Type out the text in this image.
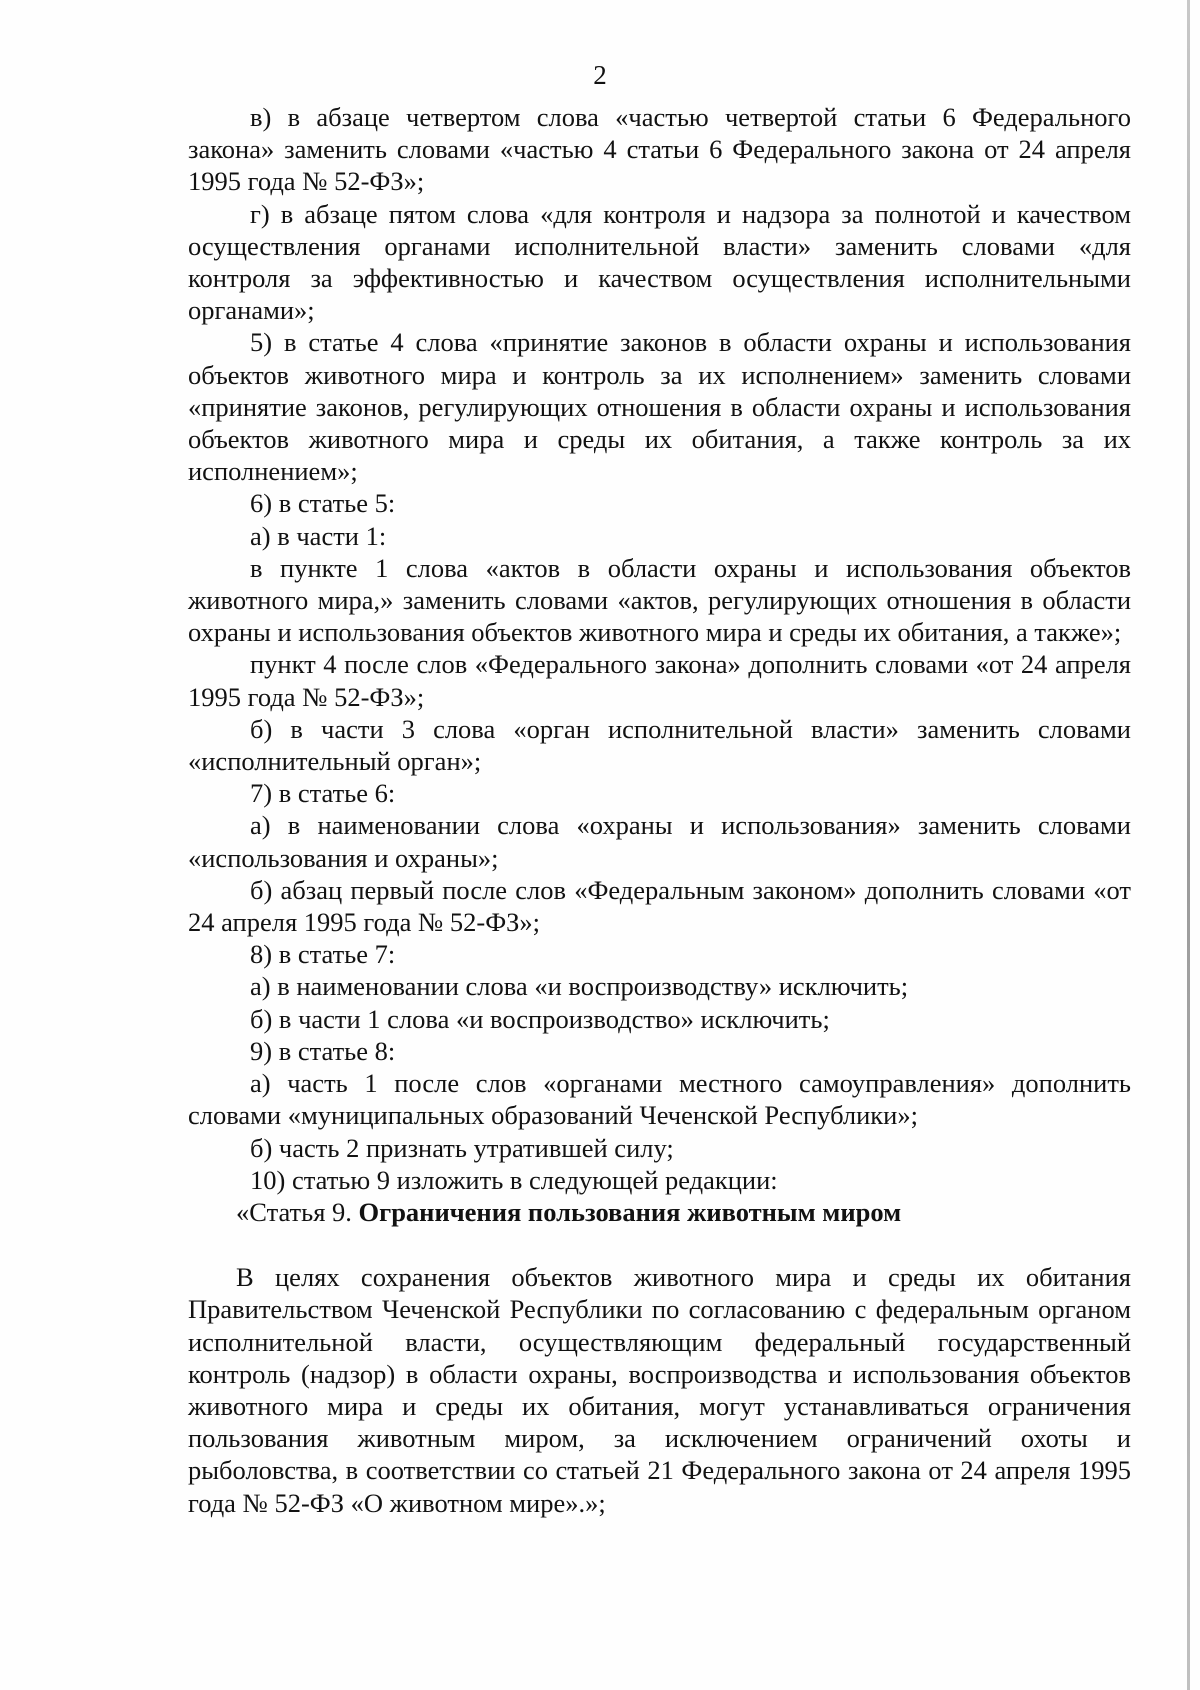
2

в) в абзаце четвертом слова «частью четвертой статьи 6 Федерального закона» заменить словами «частью 4 статьи 6 Федерального закона от 24 апреля 1995 года № 52-ФЗ»;

г) в абзаце пятом слова «для контроля и надзора за полнотой и качеством осуществления органами исполнительной власти» заменить словами «для контроля за эффективностью и качеством осуществления исполнительными органами»;

5) в статье 4 слова «принятие законов в области охраны и использования объектов животного мира и контроль за их исполнением» заменить словами «принятие законов, регулирующих отношения в области охраны и использования объектов животного мира и среды их обитания, а также контроль за их исполнением»;

6) в статье 5:

а) в части 1:

в пункте 1 слова «актов в области охраны и использования объектов животного мира,» заменить словами «актов, регулирующих отношения в области охраны и использования объектов животного мира и среды их обитания, а также»;

пункт 4 после слов «Федерального закона» дополнить словами «от 24 апреля 1995 года № 52-ФЗ»;

б) в части 3 слова «орган исполнительной власти» заменить словами «исполнительный орган»;

7) в статье 6:

а) в наименовании слова «охраны и использования» заменить словами «использования и охраны»;

б) абзац первый после слов «Федеральным законом» дополнить словами «от 24 апреля 1995 года № 52-ФЗ»;

8) в статье 7:

а) в наименовании слова «и воспроизводству» исключить;

б) в части 1 слова «и воспроизводство» исключить;

9) в статье 8:

а) часть 1 после слов «органами местного самоуправления» дополнить словами «муниципальных образований Чеченской Республики»;

б) часть 2 признать утратившей силу;

10) статью 9 изложить в следующей редакции:

«Статья 9. Ограничения пользования животным миром

В целях сохранения объектов животного мира и среды их обитания Правительством Чеченской Республики по согласованию с федеральным органом исполнительной власти, осуществляющим федеральный государственный контроль (надзор) в области охраны, воспроизводства и использования объектов животного мира и среды их обитания, могут устанавливаться ограничения пользования животным миром, за исключением ограничений охоты и рыболовства, в соответствии со статьей 21 Федерального закона от 24 апреля 1995 года № 52-ФЗ «О животном мире».»;
